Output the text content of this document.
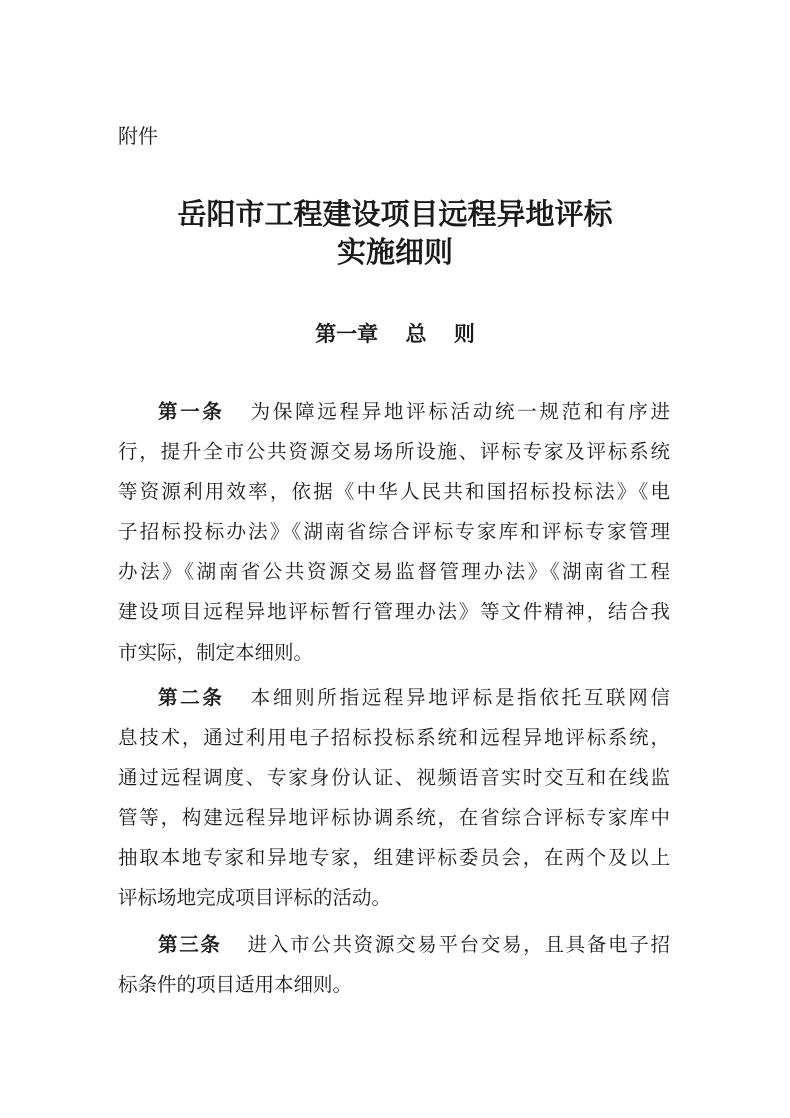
附件
岳阳市工程建设项目远程异地评标
实施细则
第一章 总 则
第一条 为保障远程异地评标活动统一规范和有序进
行，提升全市公共资源交易场所设施、评标专家及评标系统
等资源利用效率，依据《中华人民共和国招标投标法》《电
子招标投标办法》《湖南省综合评标专家库和评标专家管理
办法》《湖南省公共资源交易监督管理办法》《湖南省工程
建设项目远程异地评标暂行管理办法》等文件精神，结合我
市实际，制定本细则。
第二条 本细则所指远程异地评标是指依托互联网信
息技术，通过利用电子招标投标系统和远程异地评标系统，
通过远程调度、专家身份认证、视频语音实时交互和在线监
管等，构建远程异地评标协调系统，在省综合评标专家库中
抽取本地专家和异地专家，组建评标委员会，在两个及以上
评标场地完成项目评标的活动。
第三条 进入市公共资源交易平台交易，且具备电子招
标条件的项目适用本细则。
